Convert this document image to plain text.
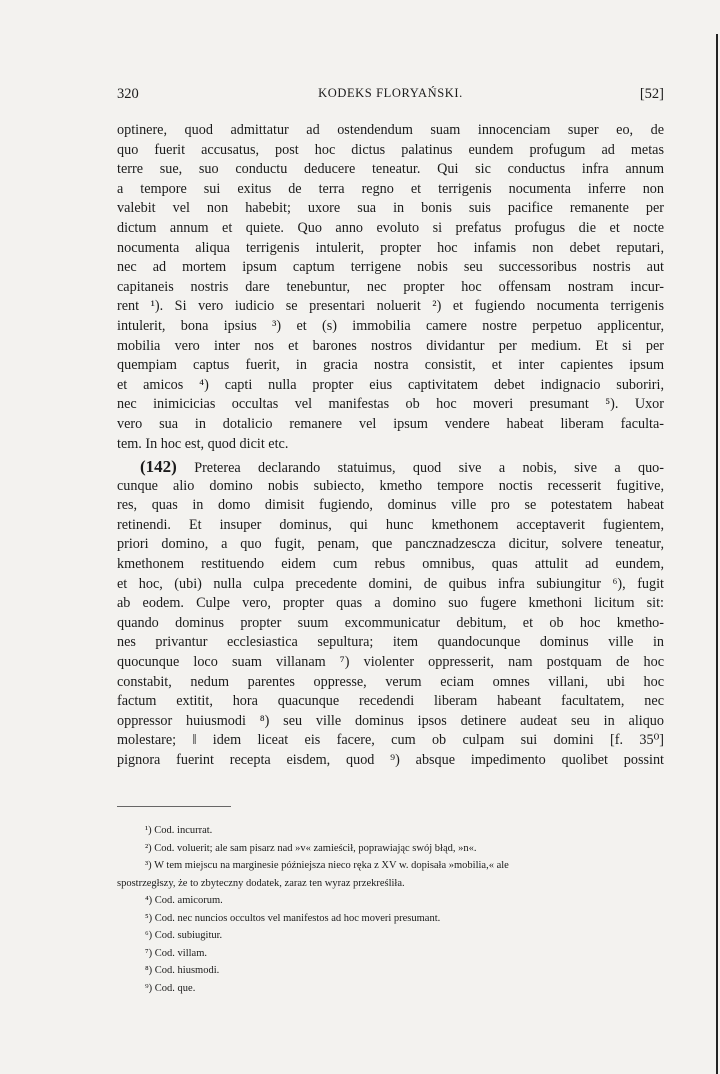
320	KODEKS FLORYAŃSKI.	[52]
optinere, quod admittatur ad ostendendum suam innocenciam super eo, de
quo fuerit accusatus, post hoc dictus palatinus eundem profugum ad metas
terre sue, suo conductu deducere teneatur. Qui sic conductus infra annum
a tempore sui exitus de terra regno et terrigenis nocumenta inferre non
valebit vel non habebit; uxore sua in bonis suis pacifice remanente per
dictum annum et quiete. Quo anno evoluto si prefatus profugus die et nocte
nocumenta aliqua terrigenis intulerit, propter hoc infamis non debet reputari,
nec ad mortem ipsum captum terrigene nobis seu successoribus nostris aut
capitaneis nostris dare tenebuntur, nec propter hoc offensam nostram incur-
rent ¹). Si vero iudicio se presentari noluerit ²) et fugiendo nocumenta terrigenis
intulerit, bona ipsius ³) et (s) immobilia camere nostre perpetuo applicentur,
mobilia vero inter nos et barones nostros dividantur per medium. Et si per
quempiam captus fuerit, in gracia nostra consistit, et inter capientes ipsum
et amicos ⁴) capti nulla propter eius captivitatem debet indignacio suboriri,
nec inimicicias occultas vel manifestas ob hoc moveri presumant ⁵). Uxor
vero sua in dotalicio remanere vel ipsum vendere habeat liberam faculta-
tem. In hoc est, quod dicit etc.
(142) Preterea declarando statuimus, quod sive a nobis, sive a quo-
cunque alio domino nobis subiecto, kmetho tempore noctis recesserit fugitive,
res, quas in domo dimisit fugiendo, dominus ville pro se potestatem habeat
retinendi. Et insuper dominus, qui hunc kmethonem acceptaverit fugientem,
priori domino, a quo fugit, penam, que pancznadzescza dicitur, solvere teneatur,
kmethonem restituendo eidem cum rebus omnibus, quas attulit ad eundem,
et hoc, (ubi) nulla culpa precedente domini, de quibus infra subiungitur ⁶), fugit
ab eodem. Culpe vero, propter quas a domino suo fugere kmethoni licitum sit:
quando dominus propter suum excommunicatur debitum, et ob hoc kmetho-
nes privantur ecclesiastica sepultura; item quandocunque dominus ville in
quocunque loco suam villanam ⁷) violenter oppresserit, nam postquam de hoc
constabit, nedum parentes oppresse, verum eciam omnes villani, ubi hoc
factum extitit, hora quacunque recedendi liberam habeant facultatem, nec
oppressor huiusmodi ⁸) seu ville dominus ipsos detinere audeat seu in aliquo
molestare; ‖ idem liceat eis facere, cum ob culpam sui domini [f. 35⁰]
pignora fuerint recepta eisdem, quod ⁹) absque impedimento quolibet possint
¹) Cod. incurrat.
²) Cod. voluerit; ale sam pisarz nad »v« zamieścił, poprawiając swój błąd, »n«.
³) W tem miejscu na marginesie późniejsza nieco ręka z XV w. dopisała »mobilia,« ale
spostrzegłszy, że to zbyteczny dodatek, zaraz ten wyraz przekreśliła.
⁴) Cod. amicorum.
⁵) Cod. nec nuncios occultos vel manifestos ad hoc moveri presumant.
⁶) Cod. subiugitur.
⁷) Cod. villam.
⁸) Cod. hiusmodi.
⁹) Cod. que.
